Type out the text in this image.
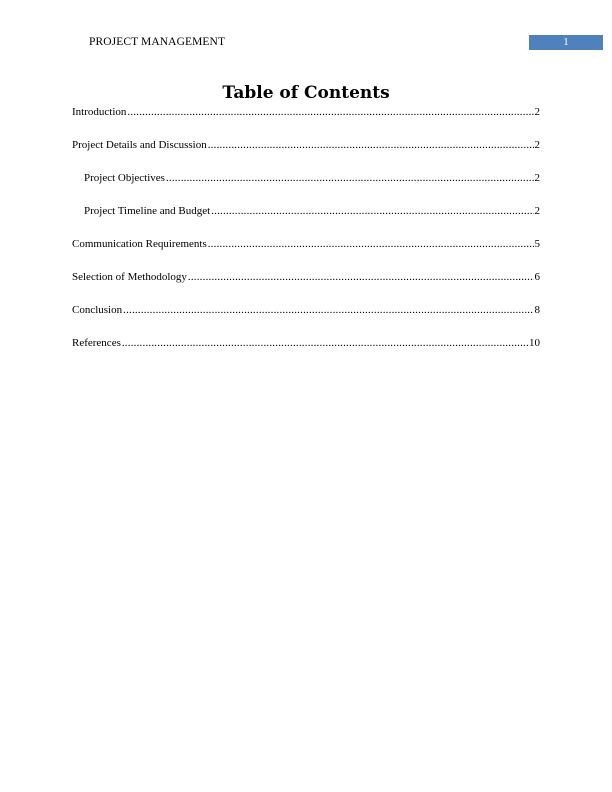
PROJECT MANAGEMENT	1
Table of Contents
Introduction .....	2
Project Details and Discussion .....	2
Project Objectives .....	2
Project Timeline and Budget .....	2
Communication Requirements .....	5
Selection of Methodology .....	6
Conclusion .....	8
References .....	10
